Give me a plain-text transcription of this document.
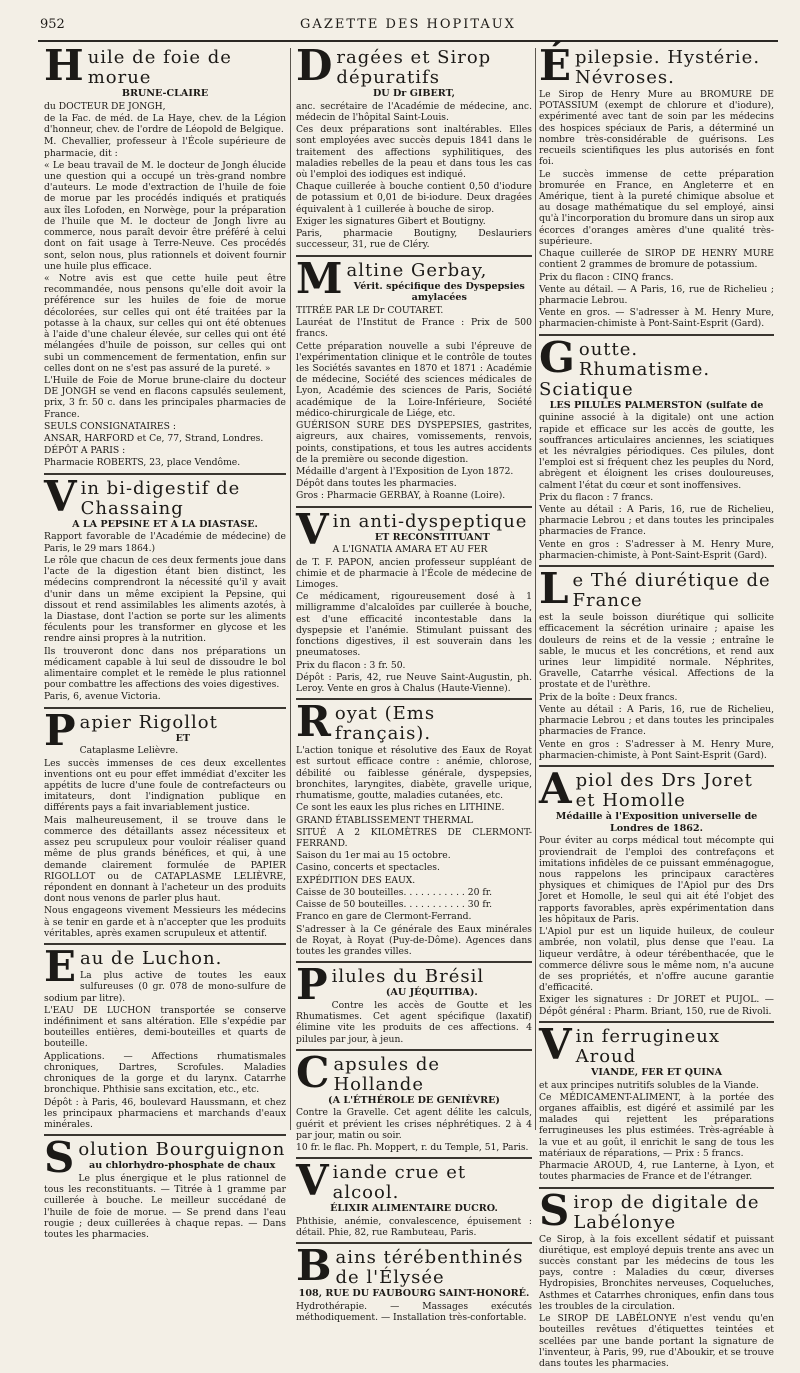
952	GAZETTE DES HOPITAUX
Huile de foie de morue
BRUNE-CLAIRE
du DOCTEUR DE JONGH,
de la Fac. de méd. de La Haye, chev. de la Légion d'honneur, chev. de l'ordre de Léopold de Belgique.
M. Chevallier, professeur à l'École supérieure de pharmacie, dit :
« Le beau travail de M. le docteur de Jongh élucide une question qui a occupé un très-grand nombre d'auteurs. Le mode d'extraction de l'huile de foie de morue par les procédés indiqués et pratiqués aux îles Lofoden, en Norwège, pour la préparation de l'huile que M. le docteur de Jongh livre au commerce, nous paraît devoir être préféré à celui dont on fait usage à Terre-Neuve. Ces procédés sont, selon nous, plus rationnels et doivent fournir une huile plus efficace.
« Notre avis est que cette huile peut être recommandée, nous pensons qu'elle doit avoir la préférence sur les huiles de foie de morue décolorées, sur celles qui ont été traitées par la potasse à la chaux, sur celles qui ont été obtenues à l'aide d'une chaleur élevée, sur celles qui ont été mélangées d'huile de poisson, sur celles qui ont subi un commencement de fermentation, enfin sur celles dont on ne s'est pas assuré de la pureté. »
L'Huile de Foie de Morue brune-claire du docteur DE JONGH se vend en flacons capsulés seulement, prix, 3 fr. 50 c. dans les principales pharmacies de France.
SEULS CONSIGNATAIRES :
ANSAR, HARFORD et Ce, 77, Strand, Londres.
DÉPÔT A PARIS :
Pharmacie ROBERTS, 23, place Vendôme.
Vin bi-digestif de Chassaing
A LA PEPSINE ET A LA DIASTASE.
Rapport favorable de l'Académie de médecine) de Paris, le 29 mars 1864.)
Le rôle que chacun de ces deux ferments joue dans l'acte de la digestion étant bien distinct, les médecins comprendront la nécessité qu'il y avait d'unir dans un même excipient la Pepsine, qui dissout et rend assimilables les aliments azotés, à la Diastase, dont l'action se porte sur les aliments féculents pour les transformer en glycose et les rendre ainsi propres à la nutrition.
Ils trouveront donc dans nos préparations un médicament capable à lui seul de dissoudre le bol alimentaire complet et le remède le plus rationnel pour combattre les affections des voies digestives.
Paris, 6, avenue Victoria.
Papier Rigollot
ET
Cataplasme Lelièvre.
Les succès immenses de ces deux excellentes inventions ont eu pour effet immédiat d'exciter les appétits de lucre d'une foule de contrefacteurs ou imitateurs, dont l'indignation publique en différents pays a fait invariablement justice.
Mais malheureusement, il se trouve dans le commerce des détaillants assez nécessiteux et assez peu scrupuleux pour vouloir réaliser quand même de plus grands bénéfices, et qui, à une demande clairement formulée de PAPIER RIGOLLOT ou de CATAPLASME LELIÈVRE, répondent en donnant à l'acheteur un des produits dont nous venons de parler plus haut.
Nous engageons vivement Messieurs les médecins à se tenir en garde et à n'accepter que les produits véritables, après examen scrupuleux et attentif.
Eau de Luchon.
La plus active de toutes les eaux sulfureuses (0 gr. 078 de mono-sulfure de sodium par litre).
L'EAU DE LUCHON transportée se conserve indéfiniment et sans altération. Elle s'expédie par bouteilles entières, demi-bouteilles et quarts de bouteille.
Applications. — Affections rhumatismales chroniques, Dartres, Scrofules. Maladies chroniques de la gorge et du larynx. Catarrhe bronchique. Phthisie sans excitation, etc., etc.
Dépôt : à Paris, 46, boulevard Haussmann, et chez les principaux pharmaciens et marchands d'eaux minérales.
Solution Bourguignon
au chlorhydro-phosphate de chaux
Le plus énergique et le plus rationnel de tous les reconstituants. — Titrée à 1 gramme par cuillerée à bouche. Le meilleur succédané de l'huile de foie de morue. — Se prend dans l'eau rougie ; deux cuillerées à chaque repas. — Dans toutes les pharmacies.
Dragées et Sirop dépuratifs
DU Dr GIBERT,
anc. secrétaire de l'Académie de médecine, anc. médecin de l'hôpital Saint-Louis.
Ces deux préparations sont inaltérables. Elles sont employées avec succès depuis 1841 dans le traitement des affections syphilitiques, des maladies rebelles de la peau et dans tous les cas où l'emploi des iodiques est indiqué.
Chaque cuillerée à bouche contient 0,50 d'iodure de potassium et 0,01 de bi-iodure. Deux dragées équivalent à 1 cuillerée à bouche de sirop.
Exiger les signatures Gibert et Boutigny.
Paris, pharmacie Boutigny, Deslauriers successeur, 31, rue de Cléry.
Maltine Gerbay,
Vérit. spécifique des Dyspepsies amylacées
TITRÉE PAR LE Dr COUTARET.
Lauréat de l'Institut de France : Prix de 500 francs.
Cette préparation nouvelle a subi l'épreuve de l'expérimentation clinique et le contrôle de toutes les Sociétés savantes en 1870 et 1871 : Académie de médecine, Société des sciences médicales de Lyon, Académie des sciences de Paris, Société académique de la Loire-Inférieure, Société médico-chirurgicale de Liége, etc.
GUÉRISON SURE DES DYSPEPSIES, gastrites, aigreurs, aux chaires, vomissements, renvois, points, constipations, et tous les autres accidents de la première ou seconde digestion.
Médaille d'argent à l'Exposition de Lyon 1872.
Dépôt dans toutes les pharmacies.
Gros : Pharmacie GERBAY, à Roanne (Loire).
Vin anti-dyspeptique
ET RECONSTITUANT
A L'IGNATIA AMARA ET AU FER
de T. F. PAPON, ancien professeur suppléant de chimie et de pharmacie à l'École de médecine de Limoges.
Ce médicament, rigoureusement dosé à 1 milligramme d'alcaloïdes par cuillerée à bouche, est d'une efficacité incontestable dans la dyspepsie et l'anémie. Stimulant puissant des fonctions digestives, il est souverain dans les pneumatoses.
Prix du flacon : 3 fr. 50.
Dépôt : Paris, 42, rue Neuve Saint-Augustin, ph. Leroy. Vente en gros à Chalus (Haute-Vienne).
Royat (Ems français).
L'action tonique et résolutive des Eaux de Royat est surtout efficace contre : anémie, chlorose, débilité ou faiblesse générale, dyspepsies, bronchites, laryngites, diabète, gravelle urique, rhumatisme, goutte, maladies cutanées, etc.
Ce sont les eaux les plus riches en LITHINE.
GRAND ÉTABLISSEMENT THERMAL
SITUÉ A 2 KILOMÈTRES DE CLERMONT-FERRAND.
Saison du 1er mai au 15 octobre.
Casino, concerts et spectacles.
EXPÉDITION DES EAUX.
Caisse de 30 bouteilles. . . . . . . . . . . 20 fr.
Caisse de 50 bouteilles. . . . . . . . . . . 30 fr.
Franco en gare de Clermont-Ferrand.
S'adresser à la Ce générale des Eaux minérales de Royat, à Royat (Puy-de-Dôme). Agences dans toutes les grandes villes.
Pilules du Brésil
(AU JÉQUITIBA).
Contre les accès de Goutte et les Rhumatismes. Cet agent spécifique (laxatif) élimine vite les produits de ces affections. 4 pilules par jour, à jeun.
Capsules de Hollande
(A L'ÉTHÉROLE DE GENIÈVRE)
Contre la Gravelle. Cet agent délite les calculs, guérit et prévient les crises néphrétiques. 2 à 4 par jour, matin ou soir.
10 fr. le flac. Ph. Moppert, r. du Temple, 51, Paris.
Viande crue et alcool.
ÉLIXIR ALIMENTAIRE DUCRO.
Phthisie, anémie, convalescence, épuisement : détail. Phie, 82, rue Rambuteau, Paris.
Bains térébenthinés de l'Élysée
108, RUE DU FAUBOURG SAINT-HONORÉ.
Hydrothérapie. — Massages exécutés méthodiquement. — Installation très-confortable.
Épilepsie. Hystérie. Névroses.
Le Sirop de Henry Mure au BROMURE DE POTASSIUM (exempt de chlorure et d'iodure), expérimenté avec tant de soin par les médecins des hospices spéciaux de Paris, a déterminé un nombre très-considérable de guérisons. Les recueils scientifiques les plus autorisés en font foi.
Le succès immense de cette préparation bromurée en France, en Angleterre et en Amérique, tient à la pureté chimique absolue et au dosage mathématique du sel employé, ainsi qu'à l'incorporation du bromure dans un sirop aux écorces d'oranges amères d'une qualité très-supérieure.
Chaque cuillerée de SIROP DE HENRY MURE contient 2 grammes de bromure de potassium.
Prix du flacon : CINQ francs.
Vente au détail. — A Paris, 16, rue de Richelieu ; pharmacie Lebrou.
Vente en gros. — S'adresser à M. Henry Mure, pharmacien-chimiste à Pont-Saint-Esprit (Gard).
Goutte. Rhumatisme. Sciatique
LES PILULES PALMERSTON (sulfate de
quinine associé à la digitale) ont une action rapide et efficace sur les accès de goutte, les souffrances articulaires anciennes, les sciatiques et les névralgies périodiques. Ces pilules, dont l'emploi est si fréquent chez les peuples du Nord, abrègent et éloignent les crises douloureuses, calment l'état du cœur et sont inoffensives.
Prix du flacon : 7 francs.
Vente au détail : A Paris, 16, rue de Richelieu, pharmacie Lebrou ; et dans toutes les principales pharmacies de France.
Vente en gros : S'adresser à M. Henry Mure, pharmacien-chimiste, à Pont-Saint-Esprit (Gard).
Le Thé diurétique de France
est la seule boisson diurétique qui sollicite efficacement la sécrétion urinaire ; apaise les douleurs de reins et de la vessie ; entraîne le sable, le mucus et les concrétions, et rend aux urines leur limpidité normale. Néphrites, Gravelle, Catarrhe vésical. Affections de la prostate et de l'urèthre.
Prix de la boîte : Deux francs.
Vente au détail : A Paris, 16, rue de Richelieu, pharmacie Lebrou ; et dans toutes les principales pharmacies de France.
Vente en gros : S'adresser à M. Henry Mure, pharmacien-chimiste, à Pont Saint-Esprit (Gard).
Apiol des Drs Joret et Homolle
Médaille à l'Exposition universelle de Londres de 1862.
Pour éviter au corps médical tout mécompte qui proviendrait de l'emploi des contrefaçons et imitations infidèles de ce puissant emménagogue, nous rappelons les principaux caractères physiques et chimiques de l'Apiol pur des Drs Joret et Homolle, le seul qui ait été l'objet des rapports favorables, après expérimentation dans les hôpitaux de Paris.
L'Apiol pur est un liquide huileux, de couleur ambrée, non volatil, plus dense que l'eau. La liqueur verdâtre, à odeur térébenthacée, que le commerce délivre sous le même nom, n'a aucune de ses propriétés, et n'offre aucune garantie d'efficacité.
Exiger les signatures : Dr JORET et PUJOL. — Dépôt général : Pharm. Briant, 150, rue de Rivoli.
Vin ferrugineux Aroud
VIANDE, FER ET QUINA
et aux principes nutritifs solubles de la Viande.
Ce MÉDICAMENT-ALIMENT, à la portée des organes affaiblis, est digéré et assimilé par les malades qui rejettent les préparations ferrugineuses les plus estimées. Très-agréable à la vue et au goût, il enrichit le sang de tous les matériaux de réparations, — Prix : 5 francs.
Pharmacie AROUD, 4, rue Lanterne, à Lyon, et toutes pharmacies de France et de l'étranger.
Sirop de digitale de Labélonye
Ce Sirop, à la fois excellent sédatif et puissant diurétique, est employé depuis trente ans avec un succès constant par les médecins de tous les pays, contre : Maladies du cœur, diverses Hydropisies, Bronchites nerveuses, Coqueluches, Asthmes et Catarrhes chroniques, enfin dans tous les troubles de la circulation.
Le SIROP DE LABÉLONYE n'est vendu qu'en bouteilles revêtues d'étiquettes teintées et scellées par une bande portant la signature de l'inventeur, à Paris, 99, rue d'Aboukir, et se trouve dans toutes les pharmacies.
